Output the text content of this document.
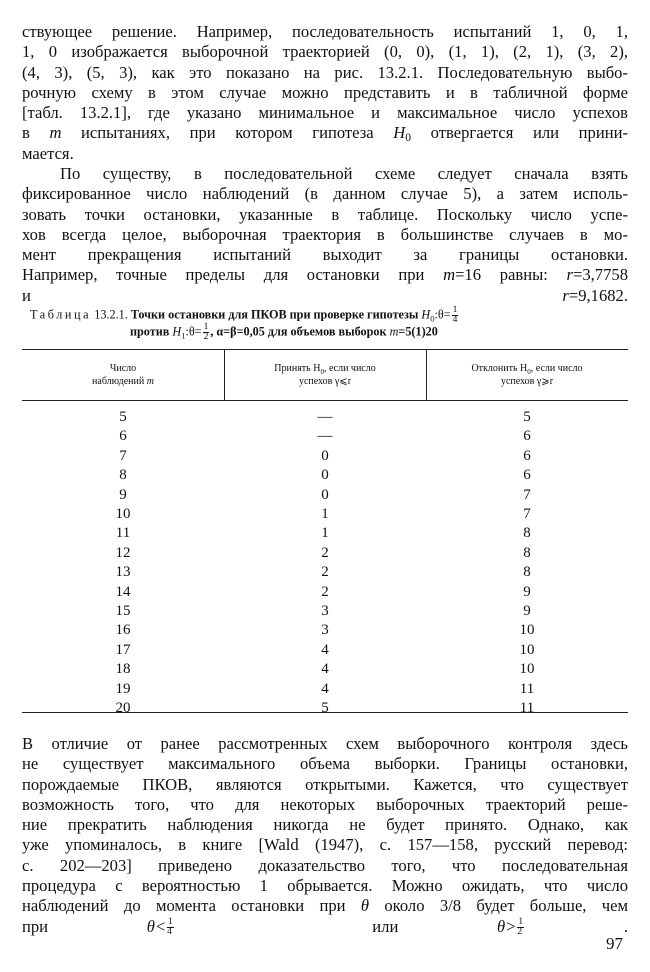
ствующее решение. Например, последовательность испытаний 1, 0, 1,
1, 0 изображается выборочной траекторией (0, 0), (1, 1), (2, 1), (3, 2),
(4, 3), (5, 3), как это показано на рис. 13.2.1. Последовательную выбо-
рочную схему в этом случае можно представить и в табличной форме
[табл. 13.2.1], где указано минимальное и максимальное число успехов
в m испытаниях, при котором гипотеза $H_0$ отвергается или прини-
мается.
По существу, в последовательной схеме следует сначала взять
фиксированное число наблюдений (в данном случае 5), а затем исполь-
зовать точки остановки, указанные в таблице. Поскольку число успе-
хов всегда целое, выборочная траектория в большинстве случаев в мо-
мент прекращения испытаний выходит за границы остановки.
Например, точные пределы для остановки при m=16 равны: r=3,7758
и r=9,1682.
Таблица 13.2.1. Точки остановки для ПКОВ при проверке гипотезы $H_0:\theta= \frac{1}{4}$
против $H_1:\theta= \frac{1}{2}$ , α=β=0,05 для объемов выборок m=5(1)20
Число
наблюдений m
Принять $H_0$, если число
успехов γ⩽r
Отклонить $H_0$, если число
успехов γ⩾r
5	—	5
6	—	6
7	0	6
8	0	6
9	0	7
10	1	7
11	1	8
12	2	8
13	2	8
14	2	9
15	3	9
16	3	10
17	4	10
18	4	10
19	4	11
20	5	11
В отличие от ранее рассмотренных схем выборочного контроля здесь
не существует максимального объема выборки. Границы остановки,
порождаемые ПКОВ, являются открытыми. Кажется, что существует
возможность того, что для некоторых выборочных траекторий реше-
ние прекратить наблюдения никогда не будет принято. Однако, как
уже упоминалось, в книге [Wald (1947), с. 157—158, русский перевод:
с. 202—203] приведено доказательство того, что последовательная
процедура с вероятностью 1 обрывается. Можно ожидать, что число
наблюдений до момента остановки при θ около 3/8 будет больше, чем
при $\theta< \frac{1}{4}$ или $\theta> \frac{1}{2}$ .
97
